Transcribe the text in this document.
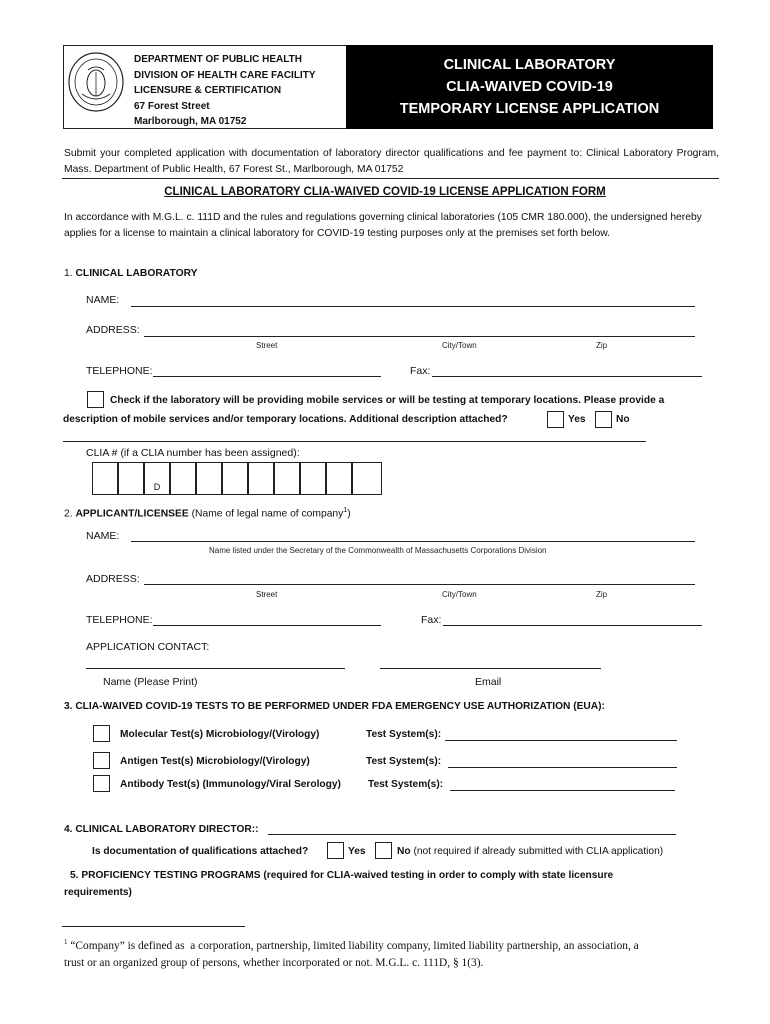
DEPARTMENT OF PUBLIC HEALTH
DIVISION OF HEALTH CARE FACILITY
LICENSURE & CERTIFICATION
67 Forest Street
Marlborough, MA 01752
CLINICAL LABORATORY
CLIA-WAIVED COVID-19
TEMPORARY LICENSE APPLICATION
Submit your completed application with documentation of laboratory director qualifications and fee payment to: Clinical Laboratory Program, Mass. Department of Public Health, 67 Forest St., Marlborough, MA 01752
CLINICAL LABORATORY CLIA-WAIVED COVID-19 LICENSE APPLICATION FORM
In accordance with M.G.L. c. 111D and the rules and regulations governing clinical laboratories (105 CMR 180.000), the undersigned hereby applies for a license to maintain a clinical laboratory for COVID-19 testing purposes only at the premises set forth below.
1. CLINICAL LABORATORY
NAME:
ADDRESS:
Street	City/Town	Zip
TELEPHONE:	Fax:
Check if the laboratory will be providing mobile services or will be testing at temporary locations. Please provide a
description of mobile services and/or temporary locations. Additional description attached?	Yes	No
CLIA # (if a CLIA number has been assigned):
D
2. APPLICANT/LICENSEE (Name of legal name of company$^1$)
NAME:
Name listed under the Secretary of the Commonwealth of Massachusetts Corporations Division
ADDRESS:
Street	City/Town	Zip
TELEPHONE:	Fax:
APPLICATION CONTACT:
Name (Please Print)	Email
3. CLIA-WAIVED COVID-19 TESTS TO BE PERFORMED UNDER FDA EMERGENCY USE AUTHORIZATION (EUA):
Molecular Test(s) Microbiology/(Virology)	Test System(s):
Antigen Test(s) Microbiology/(Virology)	Test System(s):
Antibody Test(s) (Immunology/Viral Serology)	Test System(s):
4. CLINICAL LABORATORY DIRECTOR::
Is documentation of qualifications attached?	Yes	No (not required if already submitted with CLIA application)
5. PROFICIENCY TESTING PROGRAMS (required for CLIA-waived testing in order to comply with state licensure
requirements)
$^1$ “Company” is defined as a corporation, partnership, limited liability company, limited liability partnership, an association, a
trust or an organized group of persons, whether incorporated or not. M.G.L. c. 111D, § 1(3).
